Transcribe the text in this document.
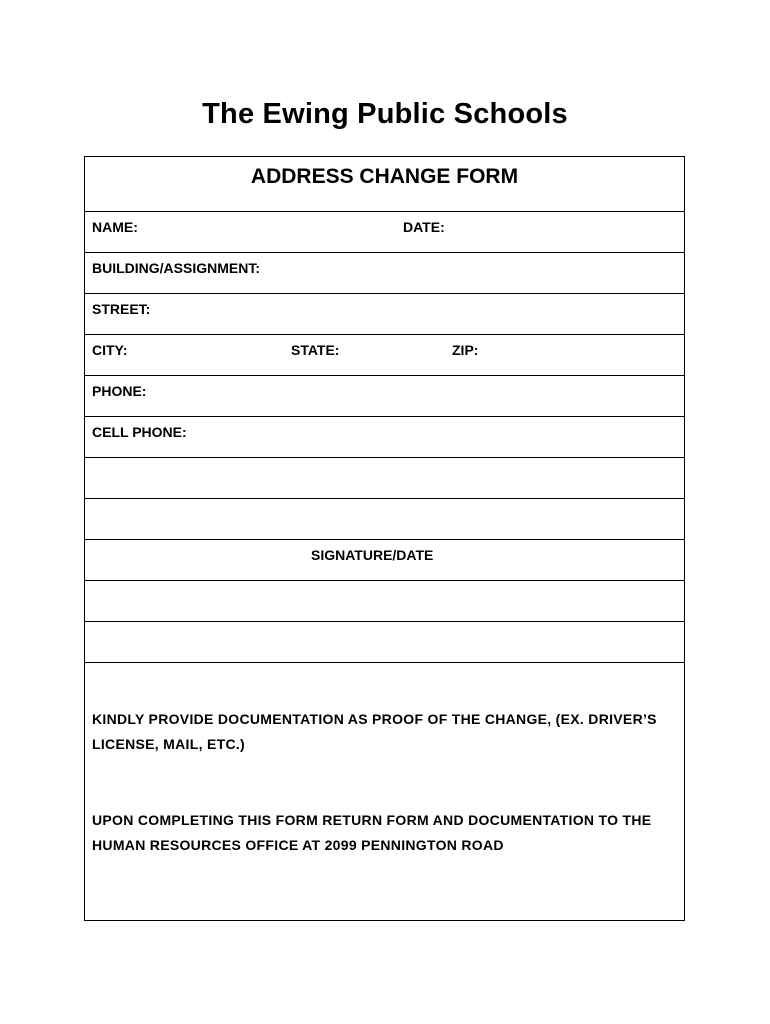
The Ewing Public Schools
ADDRESS CHANGE FORM
NAME:	DATE:
BUILDING/ASSIGNMENT:
STREET:
CITY:	STATE:	ZIP:
PHONE:
CELL PHONE:
SIGNATURE/DATE
KINDLY PROVIDE DOCUMENTATION AS PROOF OF THE CHANGE, (EX. DRIVER’S LICENSE, MAIL, ETC.)
UPON COMPLETING THIS FORM RETURN FORM AND DOCUMENTATION TO THE HUMAN RESOURCES OFFICE AT 2099 PENNINGTON ROAD
